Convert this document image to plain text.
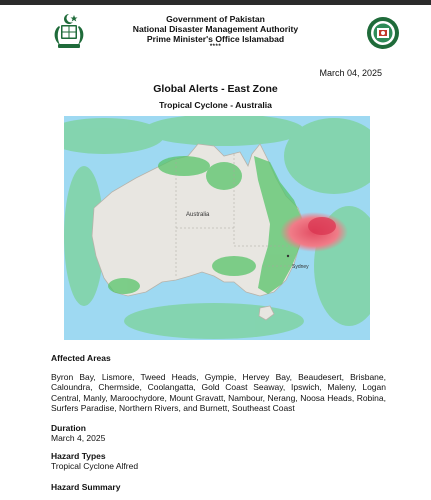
Government of Pakistan
National Disaster Management Authority
Prime Minister's Office Islamabad
****
March 04, 2025
Global Alerts - East Zone
Tropical Cyclone - Australia
Australia
Sydney
Affected Areas
Byron Bay, Lismore, Tweed Heads, Gympie, Hervey Bay, Beaudesert, Brisbane, Caloundra, Chermside, Coolangatta, Gold Coast Seaway, Ipswich, Maleny, Logan Central, Manly, Maroochydore, Mount Gravatt, Nambour, Nerang, Noosa Heads, Robina, Surfers Paradise, Northern Rivers, and Burnett, Southeast Coast
Duration
March 4, 2025
Hazard Types
Tropical Cyclone Alfred
Hazard Summary
